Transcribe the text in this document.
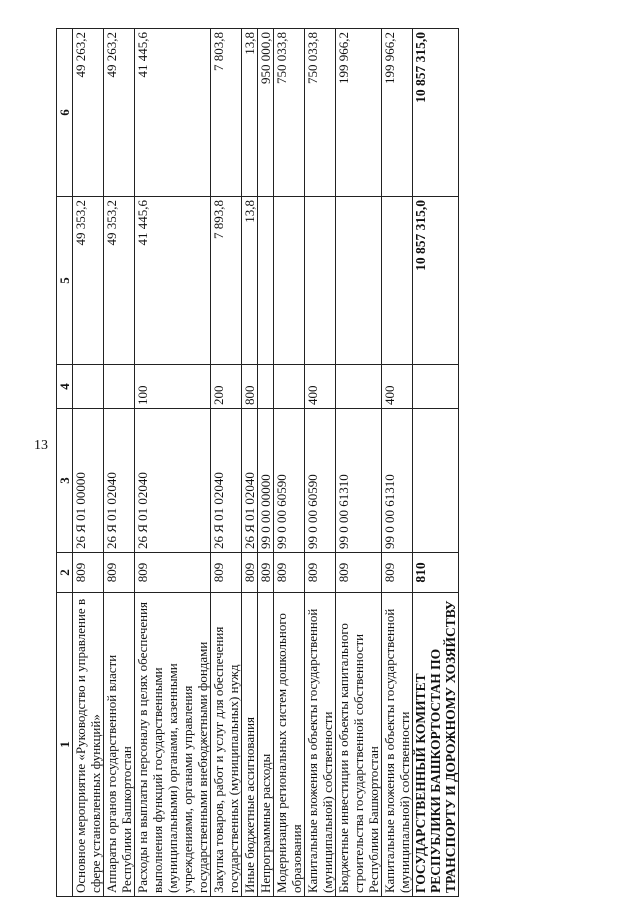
13
1	2	3	4	5	6
Основное мероприятие «Руководство и управление в сфере установленных функций»	809	26 Я 01 00000		49 353,2	49 263,2
Аппараты органов государственной власти Республики Башкортостан	809	26 Я 01 02040		49 353,2	49 263,2
Расходы на выплаты персоналу в целях обеспечения выполнения функций государственными (муниципальными) органами, казенными учреждениями, органами управления государственными внебюджетными фондами	809	26 Я 01 02040	100	41 445,6	41 445,6
Закупка товаров, работ и услуг для обеспечения государственных (муниципальных) нужд	809	26 Я 01 02040	200	7 893,8	7 803,8
Иные бюджетные ассигнования	809	26 Я 01 02040	800	13,8	13,8
Непрограммные расходы	809	99 0 00 00000			950 000,0
Модернизация региональных систем дошкольного образования	809	99 0 00 60590			750 033,8
Капитальные вложения в объекты государственной (муниципальной) собственности	809	99 0 00 60590	400		750 033,8
Бюджетные инвестиции в объекты капитального строительства государственной собственности Республики Башкортостан	809	99 0 00 61310			199 966,2
Капитальные вложения в объекты государственной (муниципальной) собственности	809	99 0 00 61310	400		199 966,2
ГОСУДАРСТВЕННЫЙ КОМИТЕТ РЕСПУБЛИКИ БАШКОРТОСТАН ПО ТРАНСПОРТУ И ДОРОЖНОМУ ХОЗЯЙСТВУ	810			10 857 315,0	10 857 315,0
